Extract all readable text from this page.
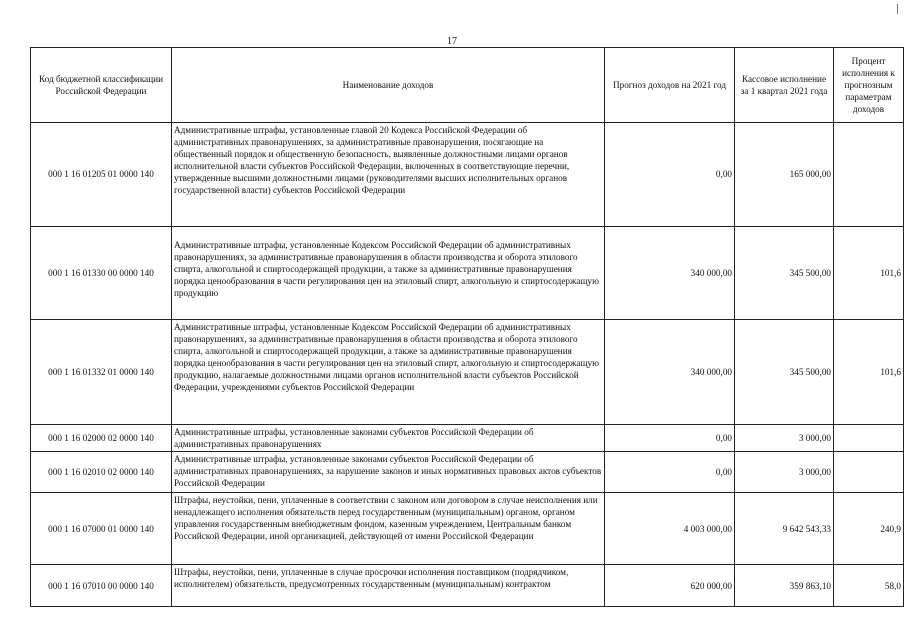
17
Код бюджетной классификации Российской Федерации	Наименование доходов	Прогноз доходов на 2021 год	Кассовое исполнение за 1 квартал 2021 года	Процент исполнения к прогнозным параметрам доходов
000 1 16 01205 01 0000 140	Административные штрафы, установленные главой 20 Кодекса Российской Федерации об административных правонарушениях, за административные правонарушения, посягающие на общественный порядок и общественную безопасность, выявленные должностными лицами органов исполнительной власти субъектов Российской Федерации, включенных в соответствующие перечни, утвержденные высшими должностными лицами (руководителями высших исполнительных органов государственной власти) субъектов Российской Федерации	0,00	165 000,00	
000 1 16 01330 00 0000 140	Административные штрафы, установленные Кодексом Российской Федерации об административных правонарушениях, за административные правонарушения в области производства и оборота этилового спирта, алкогольной и спиртосодержащей продукции, а также за административные правонарушения порядка ценообразования в части регулирования цен на этиловый спирт, алкогольную и спиртосодержащую продукцию	340 000,00	345 500,00	101,6
000 1 16 01332 01 0000 140	Административные штрафы, установленные Кодексом Российской Федерации об административных правонарушениях, за административные правонарушения в области производства и оборота этилового спирта, алкогольной и спиртосодержащей продукции, а также за административные правонарушения порядка ценообразования в части регулирования цен на этиловый спирт, алкогольную и спиртосодержащую продукцию, налагаемые должностными лицами органов исполнительной власти субъектов Российской Федерации, учреждениями субъектов Российской Федерации	340 000,00	345 500,00	101,6
000 1 16 02000 02 0000 140	Административные штрафы, установленные законами субъектов Российской Федерации об административных правонарушениях	0,00	3 000,00	
000 1 16 02010 02 0000 140	Административные штрафы, установленные законами субъектов Российской Федерации об административных правонарушениях, за нарушение законов и иных нормативных правовых актов субъектов Российской Федерации	0,00	3 000,00	
000 1 16 07000 01 0000 140	Штрафы, неустойки, пени, уплаченные в соответствии с законом или договором в случае неисполнения или ненадлежащего исполнения обязательств перед государственным (муниципальным) органом, органом управления государственным внебюджетным фондом, казенным учреждением, Центральным банком Российской Федерации, иной организацией, действующей от имени Российской Федерации	4 003 000,00	9 642 543,33	240,9
000 1 16 07010 00 0000 140	Штрафы, неустойки, пени, уплаченные в случае просрочки исполнения поставщиком (подрядчиком, исполнителем) обязательств, предусмотренных государственным (муниципальным) контрактом	620 000,00	359 863,10	58,0
